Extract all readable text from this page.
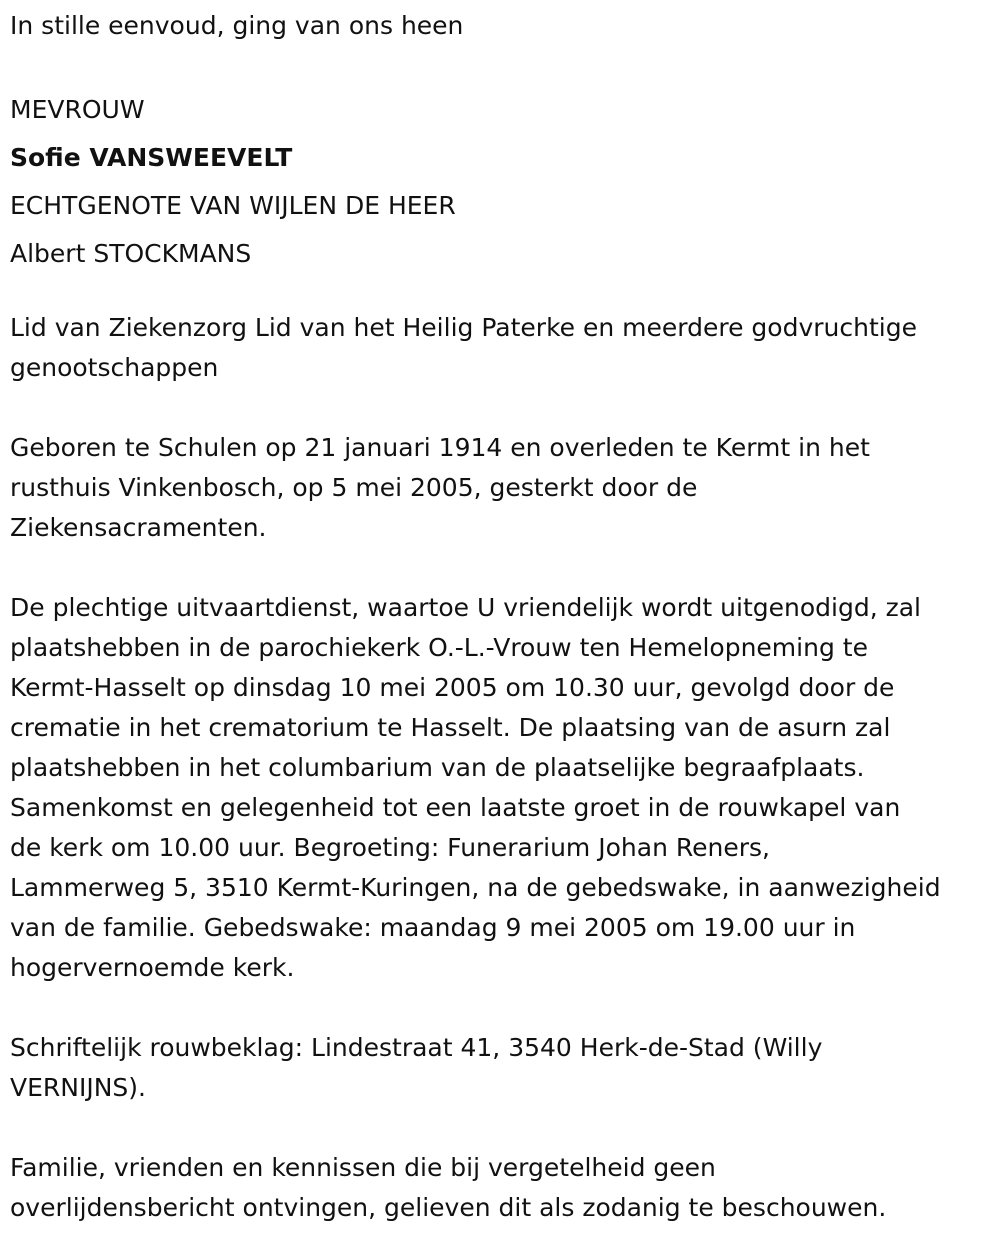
In stille eenvoud, ging van ons heen
MEVROUW
Sofie VANSWEEVELT
ECHTGENOTE VAN WIJLEN DE HEER
Albert STOCKMANS
Lid van Ziekenzorg Lid van het Heilig Paterke en meerdere godvruchtige
genootschappen
Geboren te Schulen op 21 januari 1914 en overleden te Kermt in het
rusthuis Vinkenbosch, op 5 mei 2005, gesterkt door de
Ziekensacramenten.
De plechtige uitvaartdienst, waartoe U vriendelijk wordt uitgenodigd, zal
plaatshebben in de parochiekerk O.-L.-Vrouw ten Hemelopneming te
Kermt-Hasselt op dinsdag 10 mei 2005 om 10.30 uur, gevolgd door de
crematie in het crematorium te Hasselt. De plaatsing van de asurn zal
plaatshebben in het columbarium van de plaatselijke begraafplaats.
Samenkomst en gelegenheid tot een laatste groet in de rouwkapel van
de kerk om 10.00 uur. Begroeting: Funerarium Johan Reners,
Lammerweg 5, 3510 Kermt-Kuringen, na de gebedswake, in aanwezigheid
van de familie. Gebedswake: maandag 9 mei 2005 om 19.00 uur in
hogervernoemde kerk.
Schriftelijk rouwbeklag: Lindestraat 41, 3540 Herk-de-Stad (Willy
VERNIJNS).
Familie, vrienden en kennissen die bij vergetelheid geen
overlijdensbericht ontvingen, gelieven dit als zodanig te beschouwen.
